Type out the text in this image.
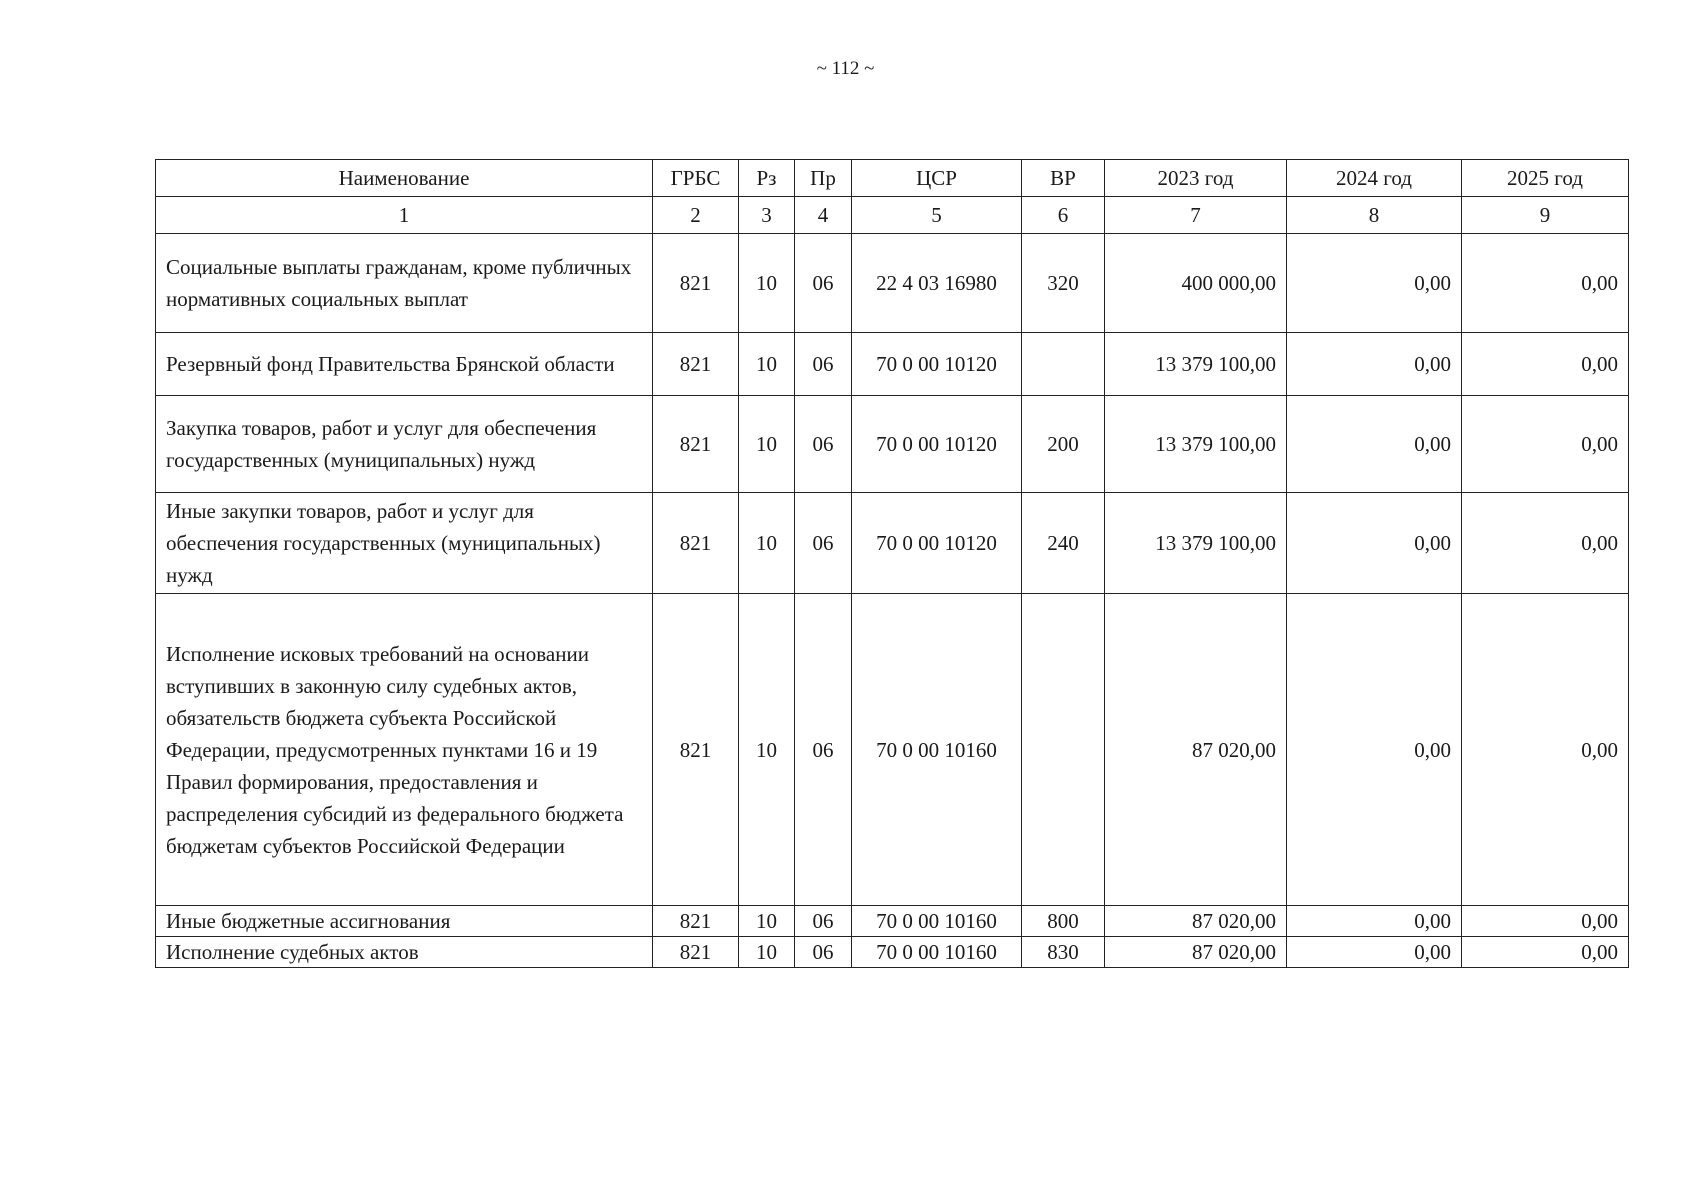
~ 112 ~
Наименование	ГРБС	Рз	Пр	ЦСР	ВР	2023 год	2024 год	2025 год
1	2	3	4	5	6	7	8	9
Социальные выплаты гражданам, кроме публичных нормативных социальных выплат	821	10	06	22 4 03 16980	320	400 000,00	0,00	0,00
Резервный фонд Правительства Брянской области	821	10	06	70 0 00 10120		13 379 100,00	0,00	0,00
Закупка товаров, работ и услуг для обеспечения государственных (муниципальных) нужд	821	10	06	70 0 00 10120	200	13 379 100,00	0,00	0,00
Иные закупки товаров, работ и услуг для обеспечения государственных (муниципальных) нужд	821	10	06	70 0 00 10120	240	13 379 100,00	0,00	0,00
Исполнение исковых требований на основании вступивших в законную силу судебных актов, обязательств бюджета субъекта Российской Федерации, предусмотренных пунктами 16 и 19 Правил формирования, предоставления и распределения субсидий из федерального бюджета бюджетам субъектов Российской Федерации	821	10	06	70 0 00 10160		87 020,00	0,00	0,00
Иные бюджетные ассигнования	821	10	06	70 0 00 10160	800	87 020,00	0,00	0,00
Исполнение судебных актов	821	10	06	70 0 00 10160	830	87 020,00	0,00	0,00
